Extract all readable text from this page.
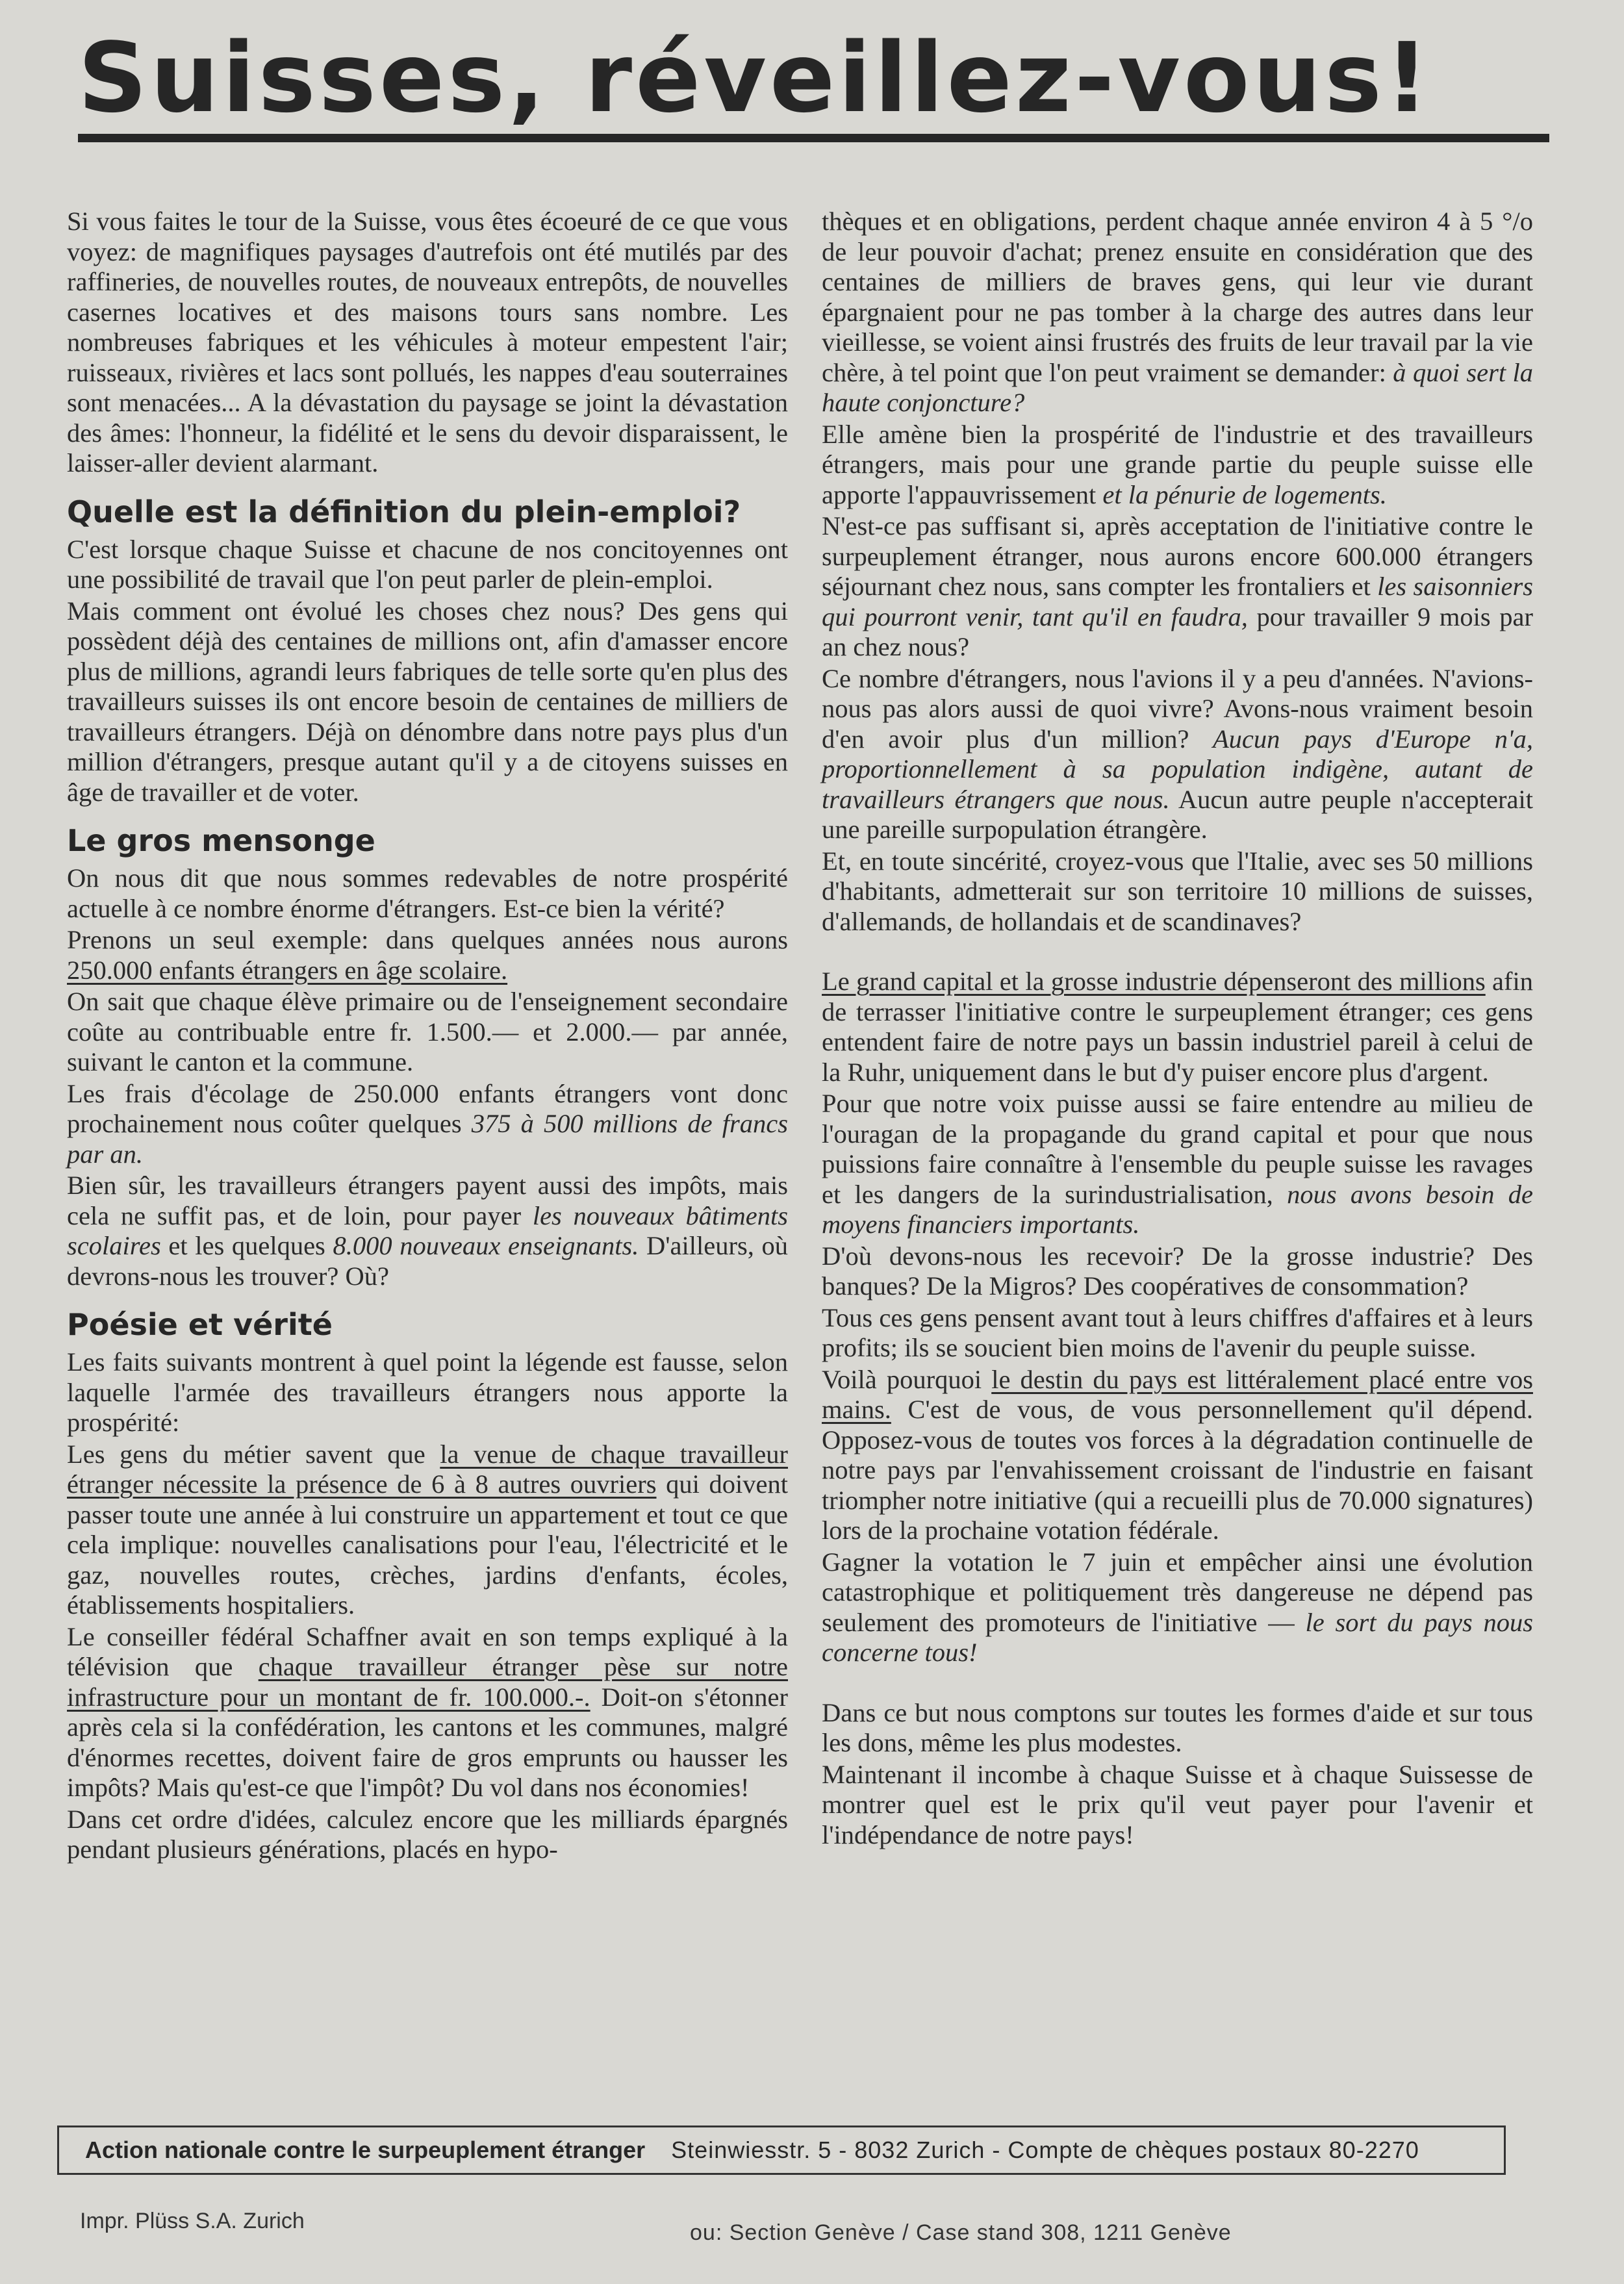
Suisses, réveillez-vous!

Si vous faites le tour de la Suisse, vous êtes écoeuré de ce que vous voyez: de magnifiques paysages d'autrefois ont été mutilés par des raffineries, de nouvelles routes, de nouveaux entrepôts, de nouvelles casernes locatives et des maisons tours sans nombre. Les nombreuses fabriques et les véhicules à moteur empestent l'air; ruisseaux, rivières et lacs sont pollués, les nappes d'eau souterraines sont menacées... A la dévastation du paysage se joint la dévastation des âmes: l'honneur, la fidélité et le sens du devoir disparaissent, le laisser-aller devient alarmant.

Quelle est la définition du plein-emploi?

C'est lorsque chaque Suisse et chacune de nos concitoyennes ont une possibilité de travail que l'on peut parler de plein-emploi.

Mais comment ont évolué les choses chez nous? Des gens qui possèdent déjà des centaines de millions ont, afin d'amasser encore plus de millions, agrandi leurs fabriques de telle sorte qu'en plus des travailleurs suisses ils ont encore besoin de centaines de milliers de travailleurs étrangers. Déjà on dénombre dans notre pays plus d'un million d'étrangers, presque autant qu'il y a de citoyens suisses en âge de travailler et de voter.

Le gros mensonge

On nous dit que nous sommes redevables de notre prospérité actuelle à ce nombre énorme d'étrangers. Est-ce bien la vérité?

Prenons un seul exemple: dans quelques années nous aurons 250.000 enfants étrangers en âge scolaire.

On sait que chaque élève primaire ou de l'enseignement secondaire coûte au contribuable entre fr. 1.500.— et 2.000.— par année, suivant le canton et la commune.

Les frais d'écolage de 250.000 enfants étrangers vont donc prochainement nous coûter quelques 375 à 500 millions de francs par an.

Bien sûr, les travailleurs étrangers payent aussi des impôts, mais cela ne suffit pas, et de loin, pour payer les nouveaux bâtiments scolaires et les quelques 8.000 nouveaux enseignants. D'ailleurs, où devrons-nous les trouver? Où?

Poésie et vérité

Les faits suivants montrent à quel point la légende est fausse, selon laquelle l'armée des travailleurs étrangers nous apporte la prospérité:

Les gens du métier savent que la venue de chaque travailleur étranger nécessite la présence de 6 à 8 autres ouvriers qui doivent passer toute une année à lui construire un appartement et tout ce que cela implique: nouvelles canalisations pour l'eau, l'électricité et le gaz, nouvelles routes, crèches, jardins d'enfants, écoles, établissements hospitaliers.

Le conseiller fédéral Schaffner avait en son temps expliqué à la télévision que chaque travailleur étranger pèse sur notre infrastructure pour un montant de fr. 100.000.-. Doit-on s'étonner après cela si la confédération, les cantons et les communes, malgré d'énormes recettes, doivent faire de gros emprunts ou hausser les impôts? Mais qu'est-ce que l'impôt? Du vol dans nos économies!

Dans cet ordre d'idées, calculez encore que les milliards épargnés pendant plusieurs générations, placés en hypo-

thèques et en obligations, perdent chaque année environ 4 à 5 °/o de leur pouvoir d'achat; prenez ensuite en considération que des centaines de milliers de braves gens, qui leur vie durant épargnaient pour ne pas tomber à la charge des autres dans leur vieillesse, se voient ainsi frustrés des fruits de leur travail par la vie chère, à tel point que l'on peut vraiment se demander: à quoi sert la haute conjoncture?

Elle amène bien la prospérité de l'industrie et des travailleurs étrangers, mais pour une grande partie du peuple suisse elle apporte l'appauvrissement et la pénurie de logements.

N'est-ce pas suffisant si, après acceptation de l'initiative contre le surpeuplement étranger, nous aurons encore 600.000 étrangers séjournant chez nous, sans compter les frontaliers et les saisonniers qui pourront venir, tant qu'il en faudra, pour travailler 9 mois par an chez nous?

Ce nombre d'étrangers, nous l'avions il y a peu d'années. N'avions-nous pas alors aussi de quoi vivre? Avons-nous vraiment besoin d'en avoir plus d'un million? Aucun pays d'Europe n'a, proportionnellement à sa population indigène, autant de travailleurs étrangers que nous. Aucun autre peuple n'accepterait une pareille surpopulation étrangère.

Et, en toute sincérité, croyez-vous que l'Italie, avec ses 50 millions d'habitants, admetterait sur son territoire 10 millions de suisses, d'allemands, de hollandais et de scandinaves?

Le grand capital et la grosse industrie dépenseront des millions afin de terrasser l'initiative contre le surpeuplement étranger; ces gens entendent faire de notre pays un bassin industriel pareil à celui de la Ruhr, uniquement dans le but d'y puiser encore plus d'argent.

Pour que notre voix puisse aussi se faire entendre au milieu de l'ouragan de la propagande du grand capital et pour que nous puissions faire connaître à l'ensemble du peuple suisse les ravages et les dangers de la surindustrialisation, nous avons besoin de moyens financiers importants.

D'où devons-nous les recevoir? De la grosse industrie? Des banques? De la Migros? Des coopératives de consommation?

Tous ces gens pensent avant tout à leurs chiffres d'affaires et à leurs profits; ils se soucient bien moins de l'avenir du peuple suisse.

Voilà pourquoi le destin du pays est littéralement placé entre vos mains. C'est de vous, de vous personnellement qu'il dépend. Opposez-vous de toutes vos forces à la dégradation continuelle de notre pays par l'envahissement croissant de l'industrie en faisant triompher notre initiative (qui a recueilli plus de 70.000 signatures) lors de la prochaine votation fédérale.

Gagner la votation le 7 juin et empêcher ainsi une évolution catastrophique et politiquement très dangereuse ne dépend pas seulement des promoteurs de l'initiative — le sort du pays nous concerne tous!

Dans ce but nous comptons sur toutes les formes d'aide et sur tous les dons, même les plus modestes.

Maintenant il incombe à chaque Suisse et à chaque Suissesse de montrer quel est le prix qu'il veut payer pour l'avenir et l'indépendance de notre pays!

Action nationale contre le surpeuplement étranger Steinwiesstr. 5 - 8032 Zurich - Compte de chèques postaux 80-2270
Impr. Plüss S.A. Zurich	ou: Section Genève / Case stand 308, 1211 Genève
